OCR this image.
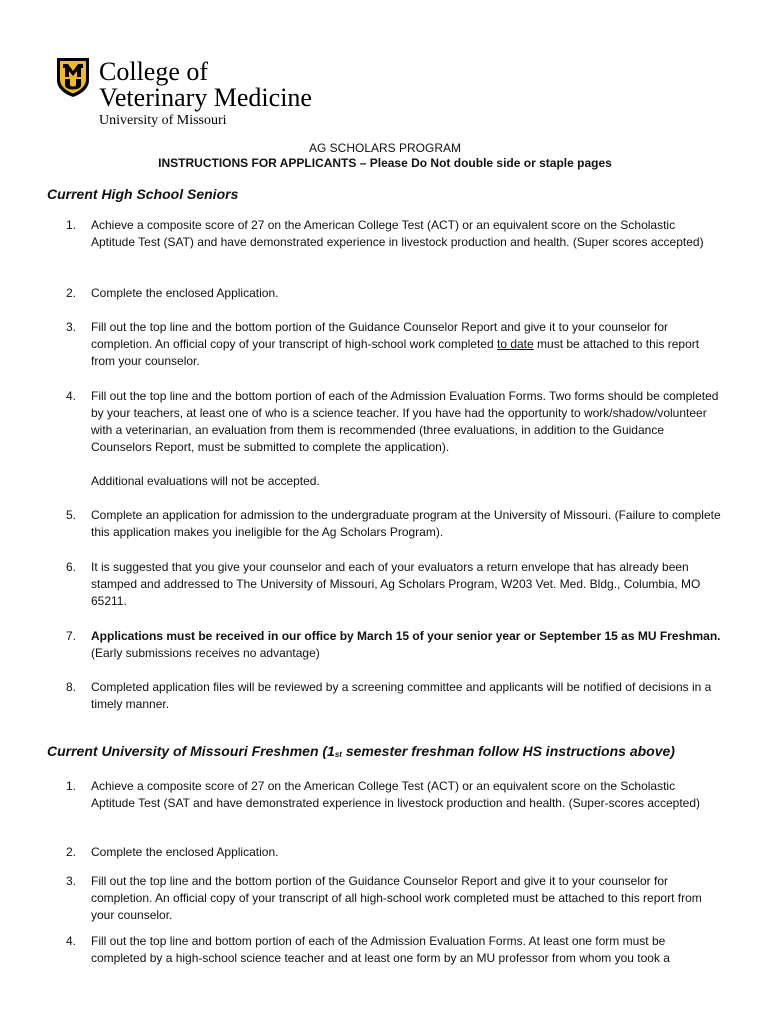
College of
Veterinary Medicine
University of Missouri
AG SCHOLARS PROGRAM
INSTRUCTIONS FOR APPLICANTS – Please Do Not double side or staple pages
Current High School Seniors
1. Achieve a composite score of 27 on the American College Test (ACT) or an equivalent score on the Scholastic Aptitude Test (SAT) and have demonstrated experience in livestock production and health. (Super scores accepted)
2. Complete the enclosed Application.
3. Fill out the top line and the bottom portion of the Guidance Counselor Report and give it to your counselor for completion. An official copy of your transcript of high-school work completed to date must be attached to this report from your counselor.
4. Fill out the top line and the bottom portion of each of the Admission Evaluation Forms. Two forms should be completed by your teachers, at least one of who is a science teacher. If you have had the opportunity to work/shadow/volunteer with a veterinarian, an evaluation from them is recommended (three evaluations, in addition to the Guidance Counselors Report, must be submitted to complete the application).
Additional evaluations will not be accepted.
5. Complete an application for admission to the undergraduate program at the University of Missouri. (Failure to complete this application makes you ineligible for the Ag Scholars Program).
6. It is suggested that you give your counselor and each of your evaluators a return envelope that has already been stamped and addressed to The University of Missouri, Ag Scholars Program, W203 Vet. Med. Bldg., Columbia, MO 65211.
7. Applications must be received in our office by March 15 of your senior year or September 15 as MU Freshman. (Early submissions receives no advantage)
8. Completed application files will be reviewed by a screening committee and applicants will be notified of decisions in a timely manner.
Current University of Missouri Freshmen ($1_{st}$ semester freshman follow HS instructions above)
1. Achieve a composite score of 27 on the American College Test (ACT) or an equivalent score on the Scholastic Aptitude Test (SAT and have demonstrated experience in livestock production and health. (Super-scores accepted)
2. Complete the enclosed Application.
3. Fill out the top line and the bottom portion of the Guidance Counselor Report and give it to your counselor for completion. An official copy of your transcript of all high-school work completed must be attached to this report from your counselor.
4. Fill out the top line and bottom portion of each of the Admission Evaluation Forms. At least one form must be completed by a high-school science teacher and at least one form by an MU professor from whom you took a
